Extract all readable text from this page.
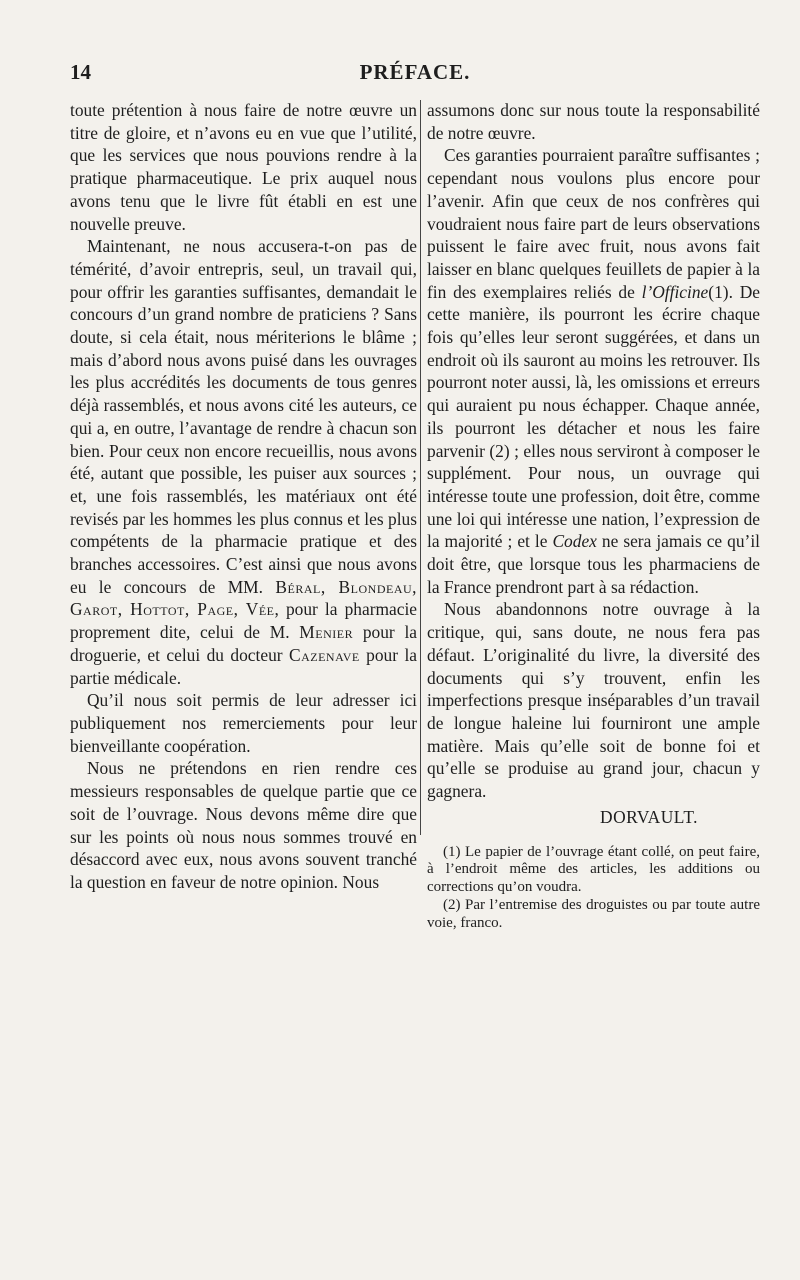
14	PRÉFACE.

toute prétention à nous faire de notre œuvre un titre de gloire, et n’avons eu en vue que l’utilité, que les services que nous pouvions rendre à la pratique pharmaceutique. Le prix auquel nous avons tenu que le livre fût établi en est une nouvelle preuve.

Maintenant, ne nous accusera-t-on pas de témérité, d’avoir entrepris, seul, un travail qui, pour offrir les garanties suffisantes, demandait le concours d’un grand nombre de praticiens ? Sans doute, si cela était, nous mériterions le blâme ; mais d’abord nous avons puisé dans les ouvrages les plus accrédités les documents de tous genres déjà rassemblés, et nous avons cité les auteurs, ce qui a, en outre, l’avantage de rendre à chacun son bien. Pour ceux non encore recueillis, nous avons été, autant que possible, les puiser aux sources ; et, une fois rassemblés, les matériaux ont été revisés par les hommes les plus connus et les plus compétents de la pharmacie pratique et des branches accessoires. C’est ainsi que nous avons eu le concours de MM. Béral, Blondeau, Garot, Hottot, Page, Vée, pour la pharmacie proprement dite, celui de M. Menier pour la droguerie, et celui du docteur Cazenave pour la partie médicale.

Qu’il nous soit permis de leur adresser ici publiquement nos remerciements pour leur bienveillante coopération.

Nous ne prétendons en rien rendre ces messieurs responsables de quelque partie que ce soit de l’ouvrage. Nous devons même dire que sur les points où nous nous sommes trouvé en désaccord avec eux, nous avons souvent tranché la question en faveur de notre opinion. Nous

assumons donc sur nous toute la responsabilité de notre œuvre.

Ces garanties pourraient paraître suffisantes ; cependant nous voulons plus encore pour l’avenir. Afin que ceux de nos confrères qui voudraient nous faire part de leurs observations puissent le faire avec fruit, nous avons fait laisser en blanc quelques feuillets de papier à la fin des exemplaires reliés de l’Officine(1). De cette manière, ils pourront les écrire chaque fois qu’elles leur seront suggérées, et dans un endroit où ils sauront au moins les retrouver. Ils pourront noter aussi, là, les omissions et erreurs qui auraient pu nous échapper. Chaque année, ils pourront les détacher et nous les faire parvenir (2) ; elles nous serviront à composer le supplément. Pour nous, un ouvrage qui intéresse toute une profession, doit être, comme une loi qui intéresse une nation, l’expression de la majorité ; et le Codex ne sera jamais ce qu’il doit être, que lorsque tous les pharmaciens de la France prendront part à sa rédaction.

Nous abandonnons notre ouvrage à la critique, qui, sans doute, ne nous fera pas défaut. L’originalité du livre, la diversité des documents qui s’y trouvent, enfin les imperfections presque inséparables d’un travail de longue haleine lui fourniront une ample matière. Mais qu’elle soit de bonne foi et qu’elle se produise au grand jour, chacun y gagnera.

DORVAULT.

(1) Le papier de l’ouvrage étant collé, on peut faire, à l’endroit même des articles, les additions ou corrections qu’on voudra.

(2) Par l’entremise des droguistes ou par toute autre voie, franco.
